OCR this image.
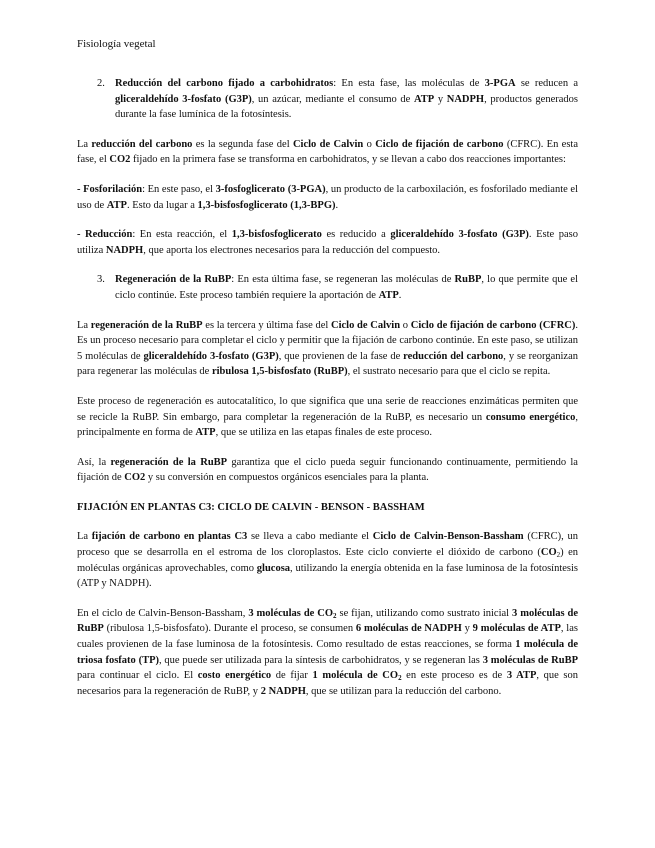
Fisiología vegetal
2. Reducción del carbono fijado a carbohidratos: En esta fase, las moléculas de 3-PGA se reducen a gliceraldehído 3-fosfato (G3P), un azúcar, mediante el consumo de ATP y NADPH, productos generados durante la fase lumínica de la fotosíntesis.

La reducción del carbono es la segunda fase del Ciclo de Calvin o Ciclo de fijación de carbono (CFRC). En esta fase, el CO2 fijado en la primera fase se transforma en carbohidratos, y se llevan a cabo dos reacciones importantes:

- Fosforilación: En este paso, el 3-fosfoglicerato (3-PGA), un producto de la carboxilación, es fosforilado mediante el uso de ATP. Esto da lugar a 1,3-bisfosfoglicerato (1,3-BPG).

- Reducción: En esta reacción, el 1,3-bisfosfoglicerato es reducido a gliceraldehído 3-fosfato (G3P). Este paso utiliza NADPH, que aporta los electrones necesarios para la reducción del compuesto.

3. Regeneración de la RuBP: En esta última fase, se regeneran las moléculas de RuBP, lo que permite que el ciclo continúe. Este proceso también requiere la aportación de ATP.

La regeneración de la RuBP es la tercera y última fase del Ciclo de Calvin o Ciclo de fijación de carbono (CFRC). Es un proceso necesario para completar el ciclo y permitir que la fijación de carbono continúe. En este paso, se utilizan 5 moléculas de gliceraldehído 3-fosfato (G3P), que provienen de la fase de reducción del carbono, y se reorganizan para regenerar las moléculas de ribulosa 1,5-bisfosfato (RuBP), el sustrato necesario para que el ciclo se repita.

Este proceso de regeneración es autocatalítico, lo que significa que una serie de reacciones enzimáticas permiten que se recicle la RuBP. Sin embargo, para completar la regeneración de la RuBP, es necesario un consumo energético, principalmente en forma de ATP, que se utiliza en las etapas finales de este proceso.

Así, la regeneración de la RuBP garantiza que el ciclo pueda seguir funcionando continuamente, permitiendo la fijación de CO2 y su conversión en compuestos orgánicos esenciales para la planta.

FIJACIÓN EN PLANTAS C3: CICLO DE CALVIN - BENSON - BASSHAM

La fijación de carbono en plantas C3 se lleva a cabo mediante el Ciclo de Calvin-Benson-Bassham (CFRC), un proceso que se desarrolla en el estroma de los cloroplastos. Este ciclo convierte el dióxido de carbono $(CO_2)$ en moléculas orgánicas aprovechables, como glucosa, utilizando la energía obtenida en la fase luminosa de la fotosíntesis (ATP y NADPH).

En el ciclo de Calvin-Benson-Bassham, 3 moléculas de $CO_2$ se fijan, utilizando como sustrato inicial 3 moléculas de RuBP (ribulosa 1,5-bisfosfato). Durante el proceso, se consumen 6 moléculas de NADPH y 9 moléculas de ATP, las cuales provienen de la fase luminosa de la fotosíntesis. Como resultado de estas reacciones, se forma 1 molécula de triosa fosfato (TP), que puede ser utilizada para la síntesis de carbohidratos, y se regeneran las 3 moléculas de RuBP para continuar el ciclo. El costo energético de fijar 1 molécula de $CO_2$ en este proceso es de 3 ATP, que son necesarios para la regeneración de RuBP, y 2 NADPH, que se utilizan para la reducción del carbono.
